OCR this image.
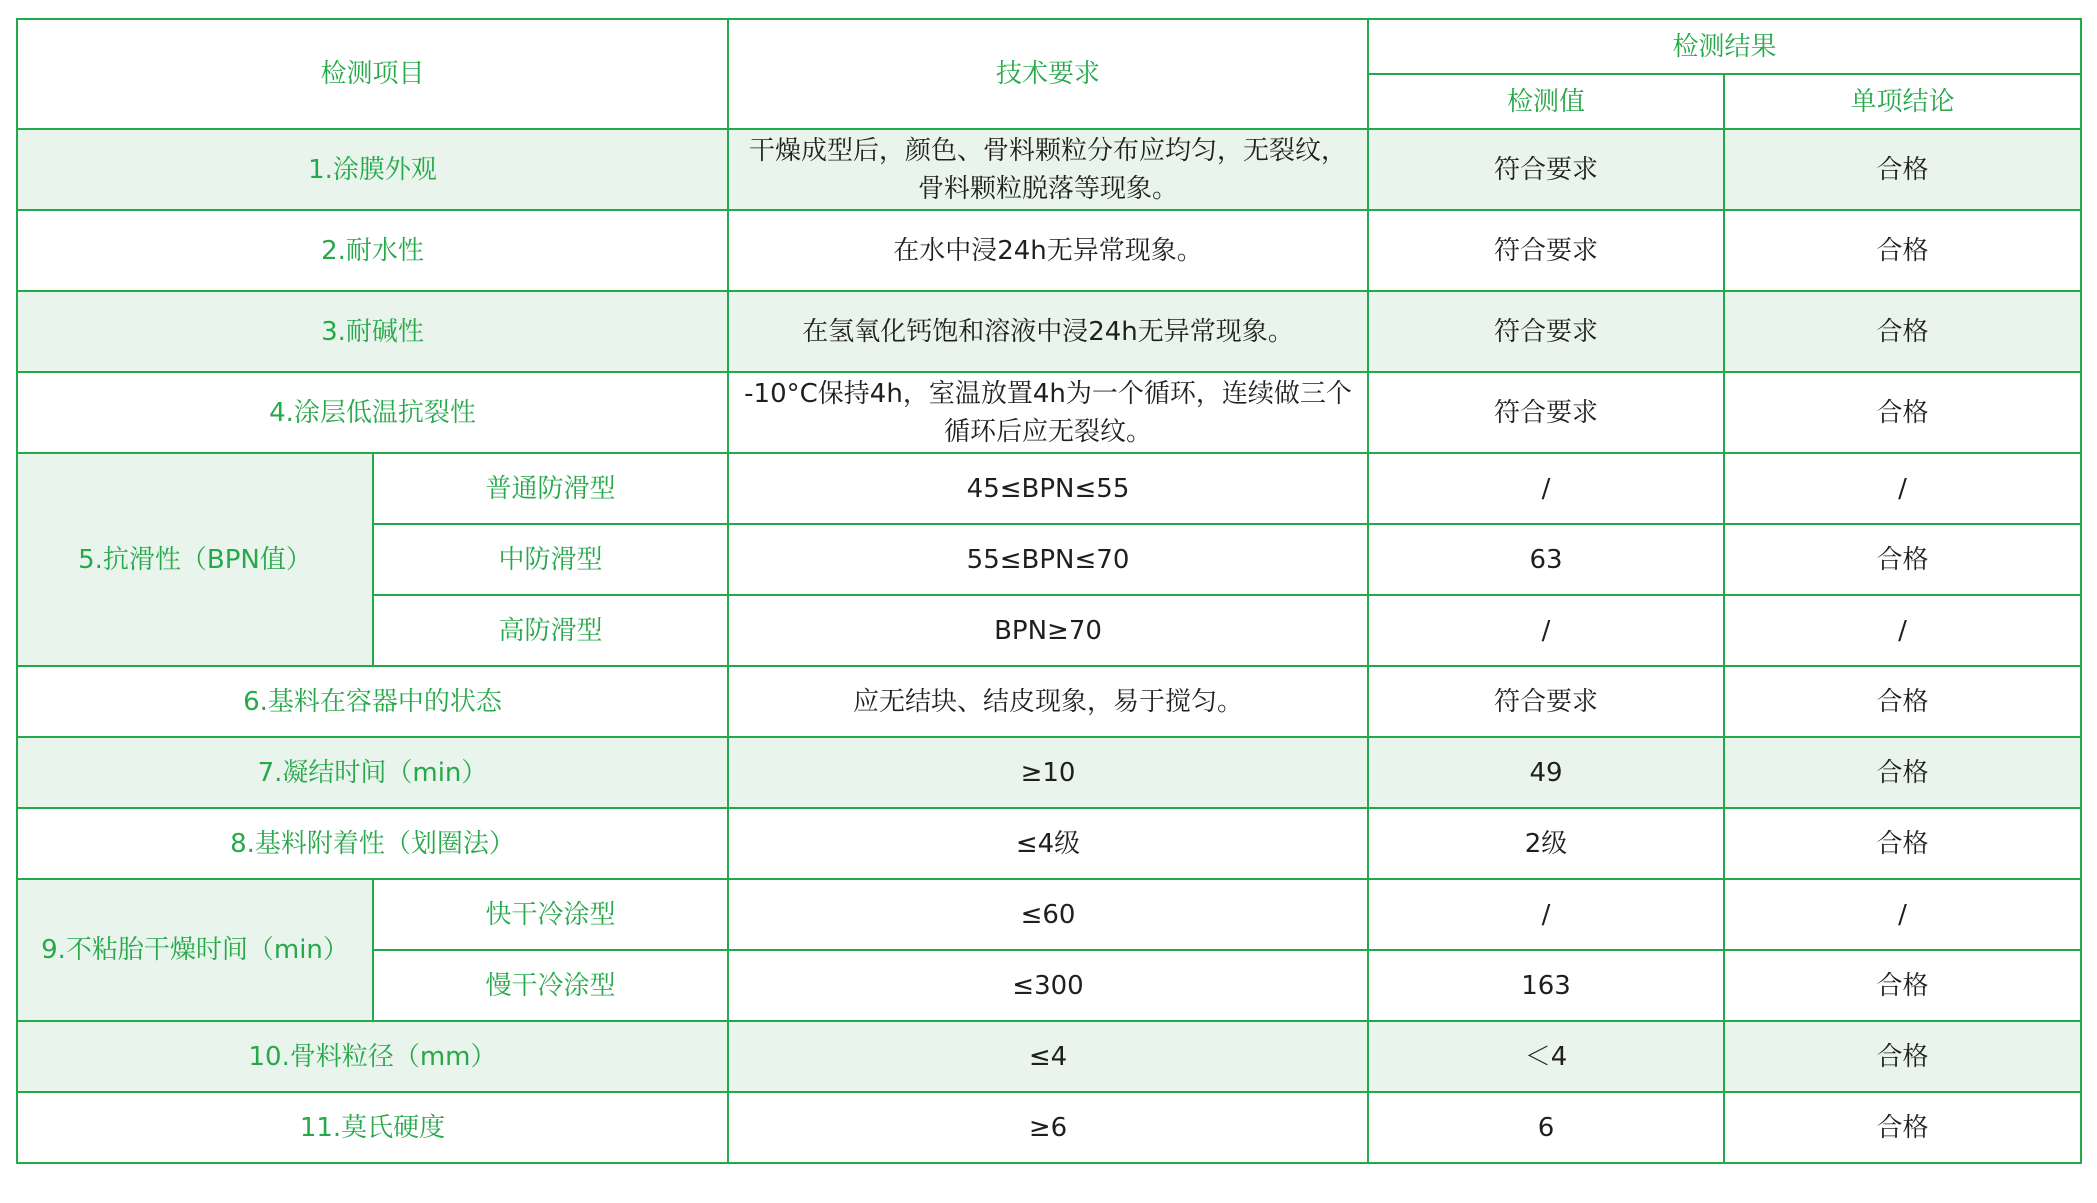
检测项目		技术要求	检测结果	
			检测值	单项结论
1.涂膜外观		干燥成型后，颜色、骨料颗粒分布应均匀，无裂纹，骨料颗粒脱落等现象。	符合要求	合格
2.耐水性		在水中浸24h无异常现象。	符合要求	合格
3.耐碱性		在氢氧化钙饱和溶液中浸24h无异常现象。	符合要求	合格
4.涂层低温抗裂性		-10°C保持4h，室温放置4h为一个循环，连续做三个循环后应无裂纹。	符合要求	合格
5.抗滑性（BPN值）	普通防滑型	45≤BPN≤55	/	/
	中防滑型	55≤BPN≤70	63	合格
	高防滑型	BPN≥70	/	/
6.基料在容器中的状态		应无结块、结皮现象，易于搅匀。	符合要求	合格
7.凝结时间（min）		≥10	49	合格
8.基料附着性（划圈法）		≤4级	2级	合格
9.不粘胎干燥时间（min）	快干冷涂型	≤60	/	/
	慢干冷涂型	≤300	163	合格
10.骨料粒径（mm）		≤4	＜4	合格
11.莫氏硬度		≥6	6	合格
